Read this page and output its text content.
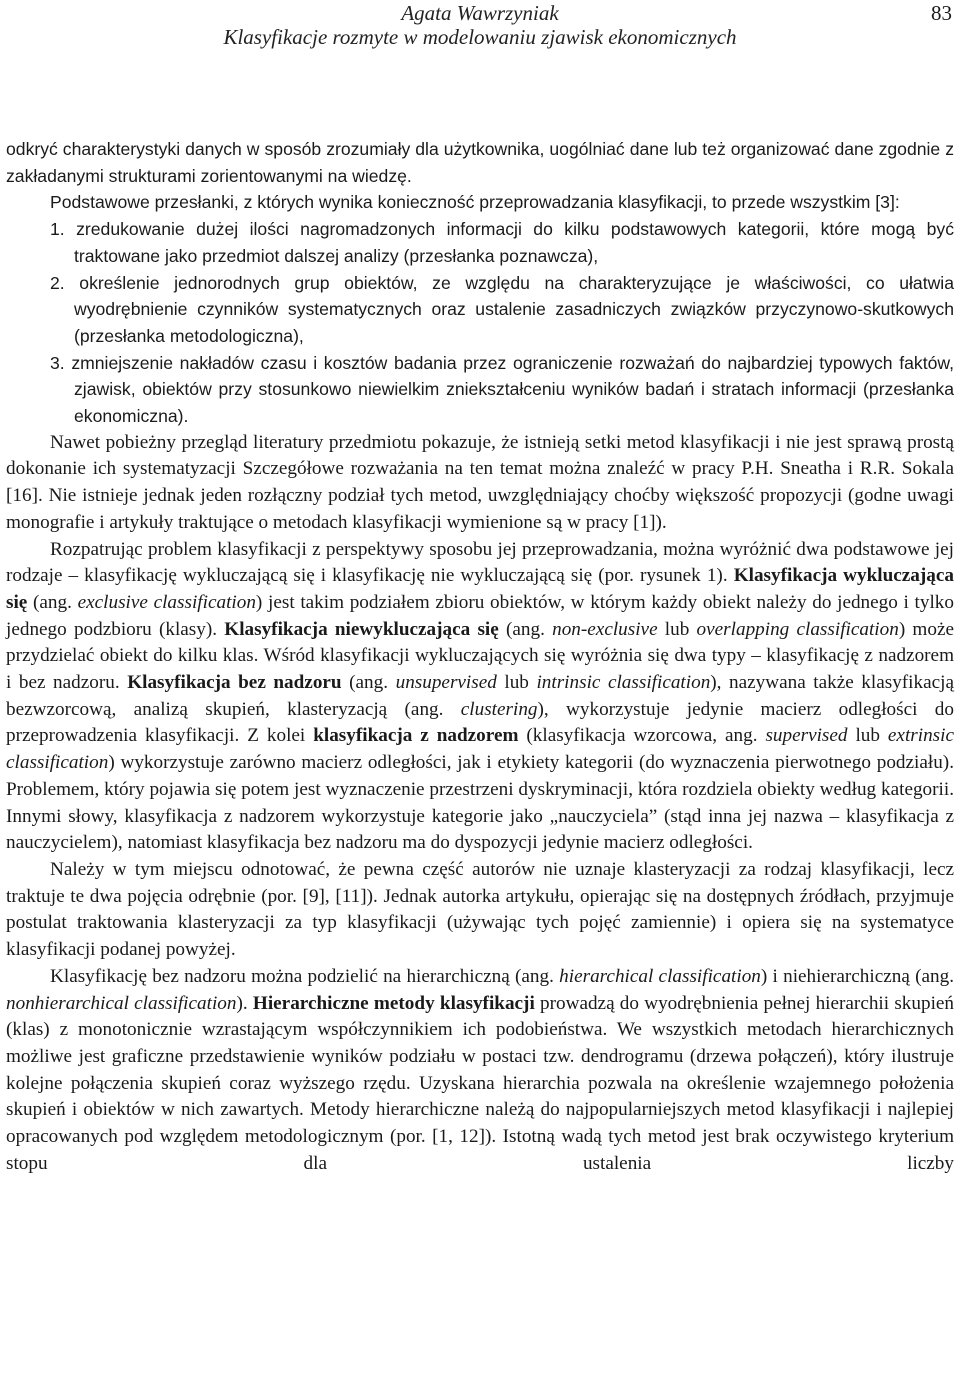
Agata Wawrzyniak
Klasyfikacje rozmyte w modelowaniu zjawisk ekonomicznych
83

odkryć charakterystyki danych w sposób zrozumiały dla użytkownika, uogólniać dane lub też organizować dane zgodnie z zakładanymi strukturami zorientowanymi na wiedzę.

Podstawowe przesłanki, z których wynika konieczność przeprowadzania klasyfikacji, to przede wszystkim [3]:

1. zredukowanie dużej ilości nagromadzonych informacji do kilku podstawowych kategorii, które mogą być traktowane jako przedmiot dalszej analizy (przesłanka poznawcza),

2. określenie jednorodnych grup obiektów, ze względu na charakteryzujące je właściwości, co ułatwia wyodrębnienie czynników systematycznych oraz ustalenie zasadniczych związków przyczynowo-skutkowych (przesłanka metodologiczna),

3. zmniejszenie nakładów czasu i kosztów badania przez ograniczenie rozważań do najbardziej typowych faktów, zjawisk, obiektów przy stosunkowo niewielkim zniekształceniu wyników badań i stratach informacji (przesłanka ekonomiczna).

Nawet pobieżny przegląd literatury przedmiotu pokazuje, że istnieją setki metod klasyfikacji i nie jest sprawą prostą dokonanie ich systematyzacji Szczegółowe rozważania na ten temat można znaleźć w pracy P.H. Sneatha i R.R. Sokala [16]. Nie istnieje jednak jeden rozłączny podział tych metod, uwzględniający choćby większość propozycji (godne uwagi monografie i artykuły traktujące o metodach klasyfikacji wymienione są w pracy [1]).

Rozpatrując problem klasyfikacji z perspektywy sposobu jej przeprowadzania, można wyróżnić dwa podstawowe jej rodzaje – klasyfikację wykluczającą się i klasyfikację nie wykluczającą się (por. rysunek 1). Klasyfikacja wykluczająca się (ang. exclusive classification) jest takim podziałem zbioru obiektów, w którym każdy obiekt należy do jednego i tylko jednego podzbioru (klasy). Klasyfikacja niewykluczająca się (ang. non-exclusive lub overlapping classification) może przydzielać obiekt do kilku klas. Wśród klasyfikacji wykluczających się wyróżnia się dwa typy – klasyfikację z nadzorem i bez nadzoru. Klasyfikacja bez nadzoru (ang. unsupervised lub intrinsic classification), nazywana także klasyfikacją bezwzorcową, analizą skupień, klasteryzacją (ang. clustering), wykorzystuje jedynie macierz odległości do przeprowadzenia klasyfikacji. Z kolei klasyfikacja z nadzorem (klasyfikacja wzorcowa, ang. supervised lub extrinsic classification) wykorzystuje zarówno macierz odległości, jak i etykiety kategorii (do wyznaczenia pierwotnego podziału). Problemem, który pojawia się potem jest wyznaczenie przestrzeni dyskryminacji, która rozdziela obiekty według kategorii. Innymi słowy, klasyfikacja z nadzorem wykorzystuje kategorie jako „nauczyciela” (stąd inna jej nazwa – klasyfikacja z nauczycielem), natomiast klasyfikacja bez nadzoru ma do dyspozycji jedynie macierz odległości.

Należy w tym miejscu odnotować, że pewna część autorów nie uznaje klasteryzacji za rodzaj klasyfikacji, lecz traktuje te dwa pojęcia odrębnie (por. [9], [11]). Jednak autorka artykułu, opierając się na dostępnych źródłach, przyjmuje postulat traktowania klasteryzacji za typ klasyfikacji (używając tych pojęć zamiennie) i opiera się na systematyce klasyfikacji podanej powyżej.

Klasyfikację bez nadzoru można podzielić na hierarchiczną (ang. hierarchical classification) i niehierarchiczną (ang. nonhierarchical classification). Hierarchiczne metody klasyfikacji prowadzą do wyodrębnienia pełnej hierarchii skupień (klas) z monotonicznie wzrastającym współczynnikiem ich podobieństwa. We wszystkich metodach hierarchicznych możliwe jest graficzne przedstawienie wyników podziału w postaci tzw. dendrogramu (drzewa połączeń), który ilustruje kolejne połączenia skupień coraz wyższego rzędu. Uzyskana hierarchia pozwala na określenie wzajemnego położenia skupień i obiektów w nich zawartych. Metody hierarchiczne należą do najpopularniejszych metod klasyfikacji i najlepiej opracowanych pod względem metodologicznym (por. [1, 12]). Istotną wadą tych metod jest brak oczywistego kryterium stopu dla ustalenia liczby
